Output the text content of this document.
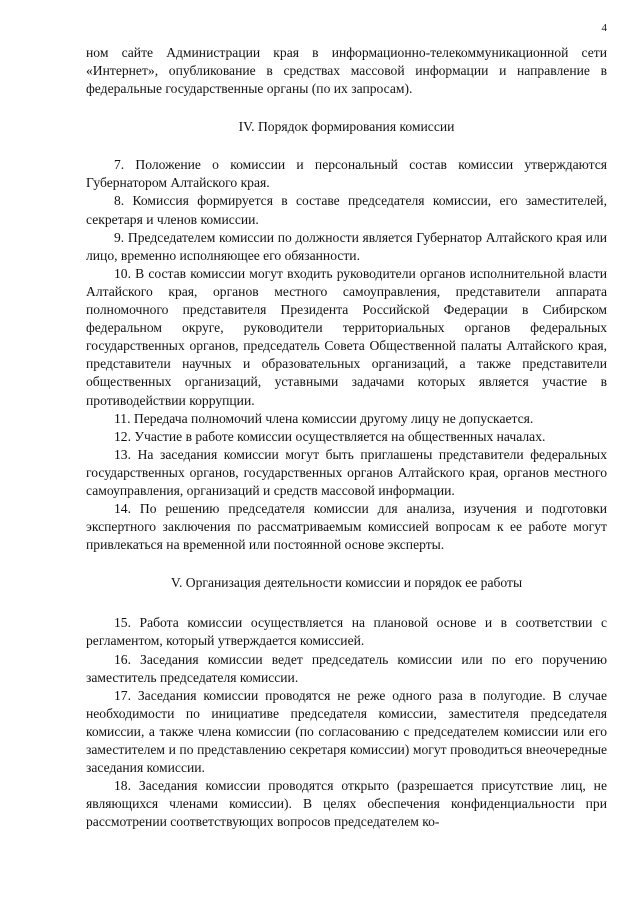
4

ном сайте Администрации края в информационно-телекоммуникационной сети «Интернет», опубликование в средствах массовой информации и направление в федеральные государственные органы (по их запросам).

IV. Порядок формирования комиссии

7. Положение о комиссии и персональный состав комиссии утверждаются Губернатором Алтайского края.

8. Комиссия формируется в составе председателя комиссии, его заместителей, секретаря и членов комиссии.

9. Председателем комиссии по должности является Губернатор Алтайского края или лицо, временно исполняющее его обязанности.

10. В состав комиссии могут входить руководители органов исполнительной власти Алтайского края, органов местного самоуправления, представители аппарата полномочного представителя Президента Российской Федерации в Сибирском федеральном округе, руководители территориальных органов федеральных государственных органов, председатель Совета Общественной палаты Алтайского края, представители научных и образовательных организаций, а также представители общественных организаций, уставными задачами которых является участие в противодействии коррупции.

11. Передача полномочий члена комиссии другому лицу не допускается.

12. Участие в работе комиссии осуществляется на общественных началах.

13. На заседания комиссии могут быть приглашены представители федеральных государственных органов, государственных органов Алтайского края, органов местного самоуправления, организаций и средств массовой информации.

14. По решению председателя комиссии для анализа, изучения и подготовки экспертного заключения по рассматриваемым комиссией вопросам к ее работе могут привлекаться на временной или постоянной основе эксперты.

V. Организация деятельности комиссии и порядок ее работы

15. Работа комиссии осуществляется на плановой основе и в соответствии с регламентом, который утверждается комиссией.

16. Заседания комиссии ведет председатель комиссии или по его поручению заместитель председателя комиссии.

17. Заседания комиссии проводятся не реже одного раза в полугодие. В случае необходимости по инициативе председателя комиссии, заместителя председателя комиссии, а также члена комиссии (по согласованию с председателем комиссии или его заместителем и по представлению секретаря комиссии) могут проводиться внеочередные заседания комиссии.

18. Заседания комиссии проводятся открыто (разрешается присутствие лиц, не являющихся членами комиссии). В целях обеспечения конфиденциальности при рассмотрении соответствующих вопросов председателем ко-
